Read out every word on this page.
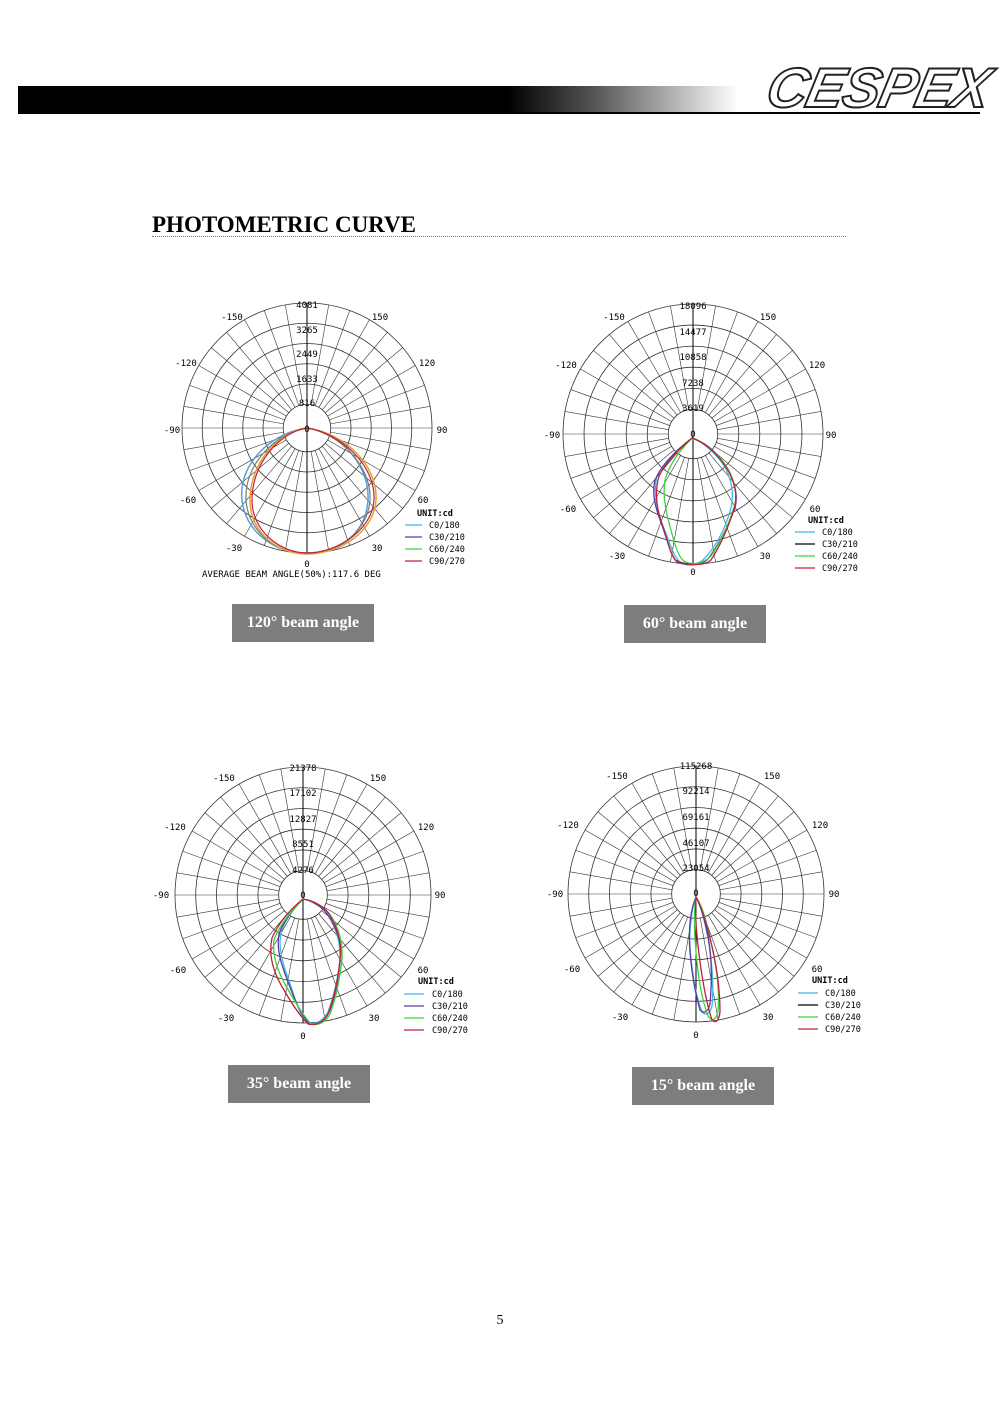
CESPEX
PHOTOMETRIC CURVE
4081
3265
2449
1633
816
0
-150	150
-120	120
-90	90
-60	60
-30	30
0
UNIT:cd
C0/180
C30/210
C60/240
C90/270
AVERAGE BEAM ANGLE(50%):117.6 DEG
120° beam angle
18096
14477
10858
7238
3619
0
-150	150
-120	120
-90	90
-60	60
-30	30
0
UNIT:cd
C0/180
C30/210
C60/240
C90/270
60° beam angle
21378
17102
12827
8551
4276
0
-150	150
-120	120
-90	90
-60	60
-30	30
0
UNIT:cd
C0/180
C30/210
C60/240
C90/270
35° beam angle
115268
92214
69161
46107
23054
0
-150	150
-120	120
-90	90
-60	60
-30	30
0
UNIT:cd
C0/180
C30/210
C60/240
C90/270
15° beam angle
5
